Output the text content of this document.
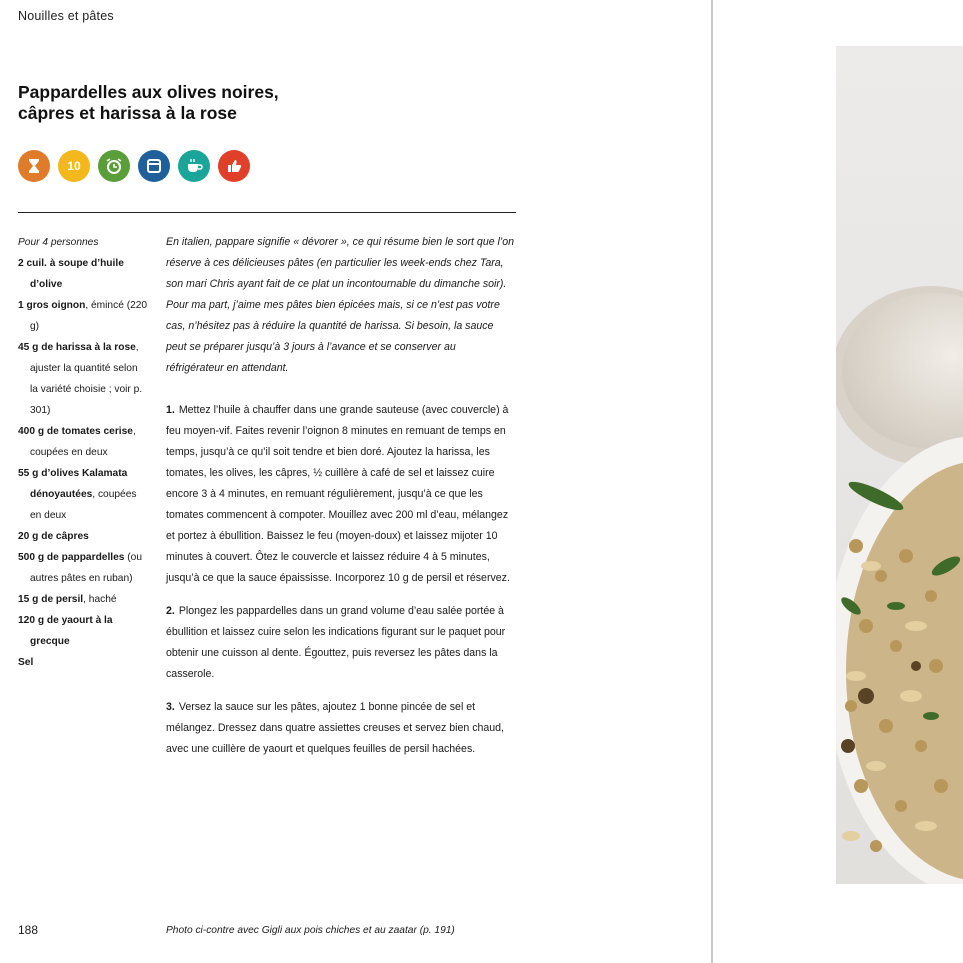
Nouilles et pâtes
Pappardelles aux olives noires,
câpres et harissa à la rose
10
Pour 4 personnes
2 cuil. à soupe d’huile d’olive
1 gros oignon, émincé (220 g)
45 g de harissa à la rose, ajuster la quantité selon la variété choisie ; voir p. 301)
400 g de tomates cerise, coupées en deux
55 g d’olives Kalamata dénoyautées, coupées en deux
20 g de câpres
500 g de pappardelles (ou autres pâtes en ruban)
15 g de persil, haché
120 g de yaourt à la grecque
Sel

En italien, pappare signifie « dévorer », ce qui résume bien le sort que l’on réserve à ces délicieuses pâtes (en particulier les week-ends chez Tara, son mari Chris ayant fait de ce plat un incontournable du dimanche soir). Pour ma part, j’aime mes pâtes bien épicées mais, si ce n’est pas votre cas, n’hésitez pas à réduire la quantité de harissa. Si besoin, la sauce peut se préparer jusqu’à 3 jours à l’avance et se conserver au réfrigérateur en attendant.

1. Mettez l’huile à chauffer dans une grande sauteuse (avec couvercle) à feu moyen-vif. Faites revenir l’oignon 8 minutes en remuant de temps en temps, jusqu’à ce qu’il soit tendre et bien doré. Ajoutez la harissa, les tomates, les olives, les câpres, ½ cuillère à café de sel et laissez cuire encore 3 à 4 minutes, en remuant régulièrement, jusqu’à ce que les tomates commencent à compoter. Mouillez avec 200 ml d’eau, mélangez et portez à ébullition. Baissez le feu (moyen-doux) et laissez mijoter 10 minutes à couvert. Ôtez le couvercle et laissez réduire 4 à 5 minutes, jusqu’à ce que la sauce épaississe. Incorporez 10 g de persil et réservez.

2. Plongez les pappardelles dans un grand volume d’eau salée portée à ébullition et laissez cuire selon les indications figurant sur le paquet pour obtenir une cuisson al dente. Égouttez, puis reversez les pâtes dans la casserole.

3. Versez la sauce sur les pâtes, ajoutez 1 bonne pincée de sel et mélangez. Dressez dans quatre assiettes creuses et servez bien chaud, avec une cuillère de yaourt et quelques feuilles de persil hachées.

188	Photo ci-contre avec Gigli aux pois chiches et au zaatar (p. 191)
